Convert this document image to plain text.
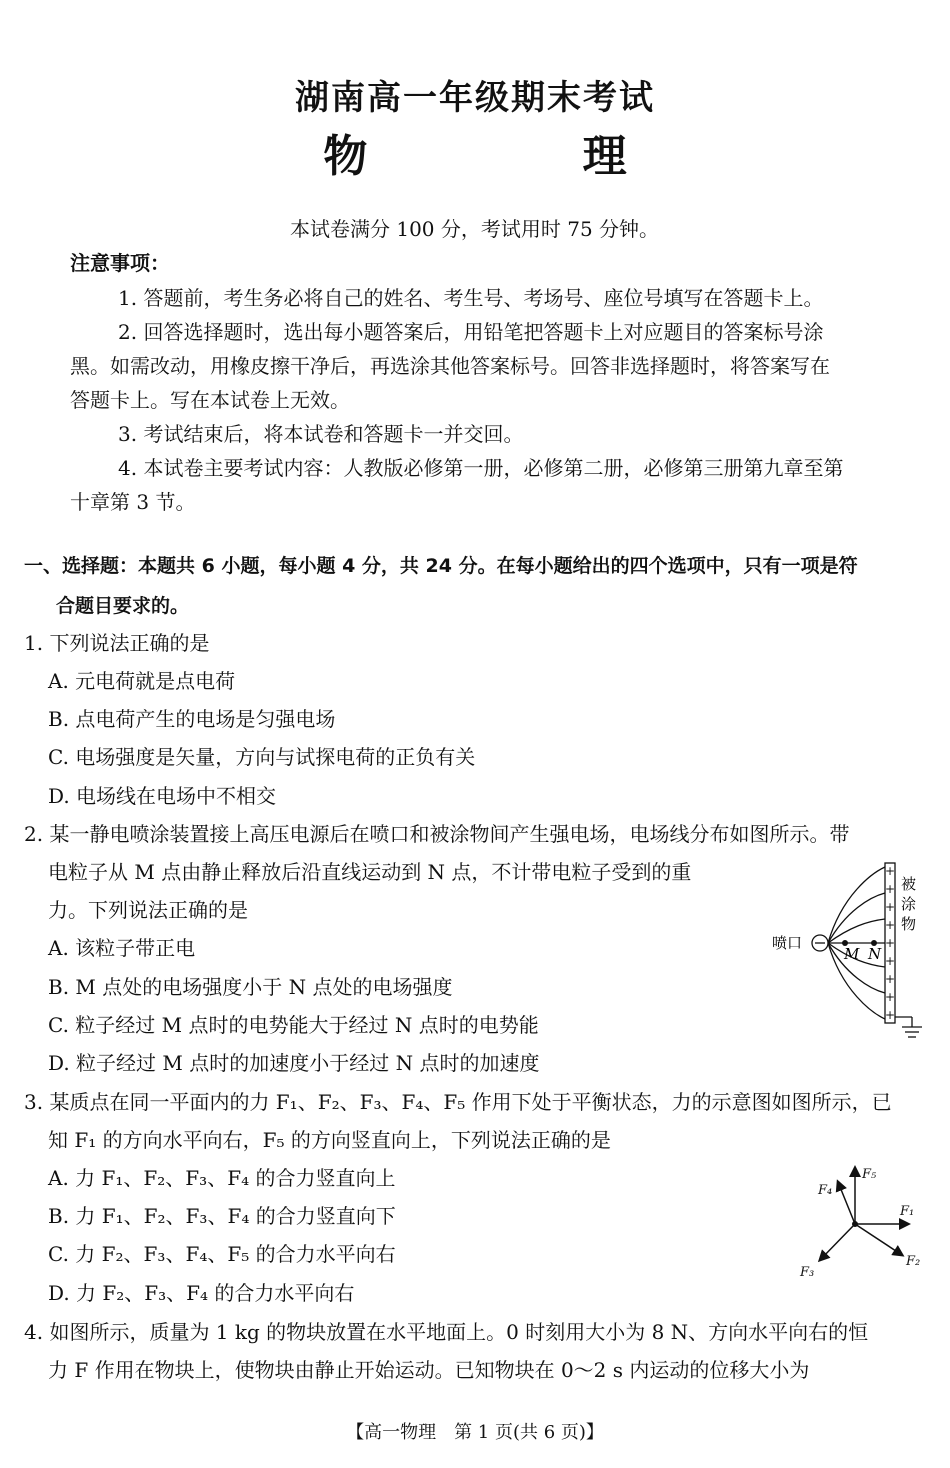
湖南高一年级期末考试
物 理
本试卷满分 100 分，考试用时 75 分钟。
注意事项：
1. 答题前，考生务必将自己的姓名、考生号、考场号、座位号填写在答题卡上。
2. 回答选择题时，选出每小题答案后，用铅笔把答题卡上对应题目的答案标号涂
黑。如需改动，用橡皮擦干净后，再选涂其他答案标号。回答非选择题时，将答案写在
答题卡上。写在本试卷上无效。
3. 考试结束后，将本试卷和答题卡一并交回。
4. 本试卷主要考试内容：人教版必修第一册，必修第二册，必修第三册第九章至第
十章第 3 节。
一、选择题：本题共 6 小题，每小题 4 分，共 24 分。在每小题给出的四个选项中，只有一项是符
合题目要求的。
1. 下列说法正确的是
A. 元电荷就是点电荷
B. 点电荷产生的电场是匀强电场
C. 电场强度是矢量，方向与试探电荷的正负有关
D. 电场线在电场中不相交
2. 某一静电喷涂装置接上高压电源后在喷口和被涂物间产生强电场，电场线分布如图所示。带
电粒子从 M 点由静止释放后沿直线运动到 N 点，不计带电粒子受到的重
力。下列说法正确的是
A. 该粒子带正电
B. M 点处的电场强度小于 N 点处的电场强度
C. 粒子经过 M 点时的电势能大于经过 N 点时的电势能
D. 粒子经过 M 点时的加速度小于经过 N 点时的加速度
+
+
+
+
+
+
+
+
+
喷口
M N
被
涂
物
3. 某质点在同一平面内的力 F₁、F₂、F₃、F₄、F₅ 作用下处于平衡状态，力的示意图如图所示，已
知 F₁ 的方向水平向右，F₅ 的方向竖直向上，下列说法正确的是
A. 力 F₁、F₂、F₃、F₄ 的合力竖直向上
B. 力 F₁、F₂、F₃、F₄ 的合力竖直向下
C. 力 F₂、F₃、F₄、F₅ 的合力水平向右
D. 力 F₂、F₃、F₄ 的合力水平向右
F₁
F₂
F₃
F₄
F₅
4. 如图所示，质量为 1 kg 的物块放置在水平地面上。0 时刻用大小为 8 N、方向水平向右的恒
力 F 作用在物块上，使物块由静止开始运动。已知物块在 0～2 s 内运动的位移大小为
【高一物理　第 1 页(共 6 页)】
